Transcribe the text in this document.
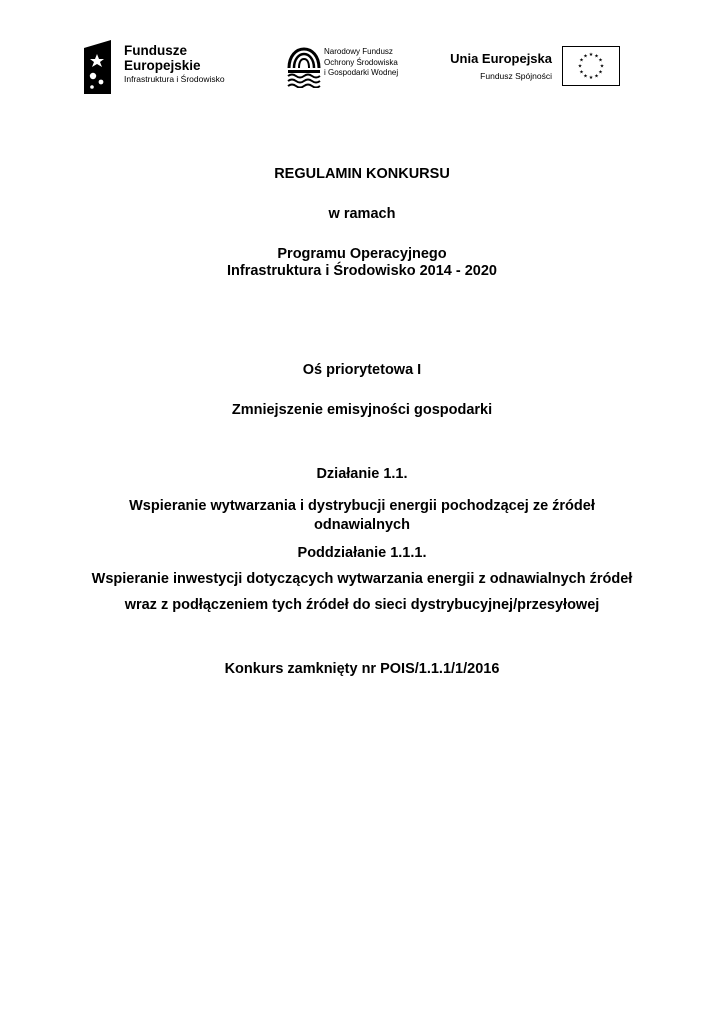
Fundusze
Europejskie
Infrastruktura i Środowisko
Narodowy Fundusz
Ochrony Środowiska
i Gospodarki Wodnej
Unia Europejska
Fundusz Spójności
★ ★
★
★
★
★
★
★
★
★
★
★
REGULAMIN KONKURSU
w ramach
Programu Operacyjnego
Infrastruktura i Środowisko 2014 - 2020
Oś priorytetowa I
Zmniejszenie emisyjności gospodarki
Działanie 1.1.
Wspieranie wytwarzania i dystrybucji energii pochodzącej ze źródeł
odnawialnych
Poddziałanie 1.1.1.
Wspieranie inwestycji dotyczących wytwarzania energii z odnawialnych źródeł
wraz z podłączeniem tych źródeł do sieci dystrybucyjnej/przesyłowej
Konkurs zamknięty nr POIS/1.1.1/1/2016
